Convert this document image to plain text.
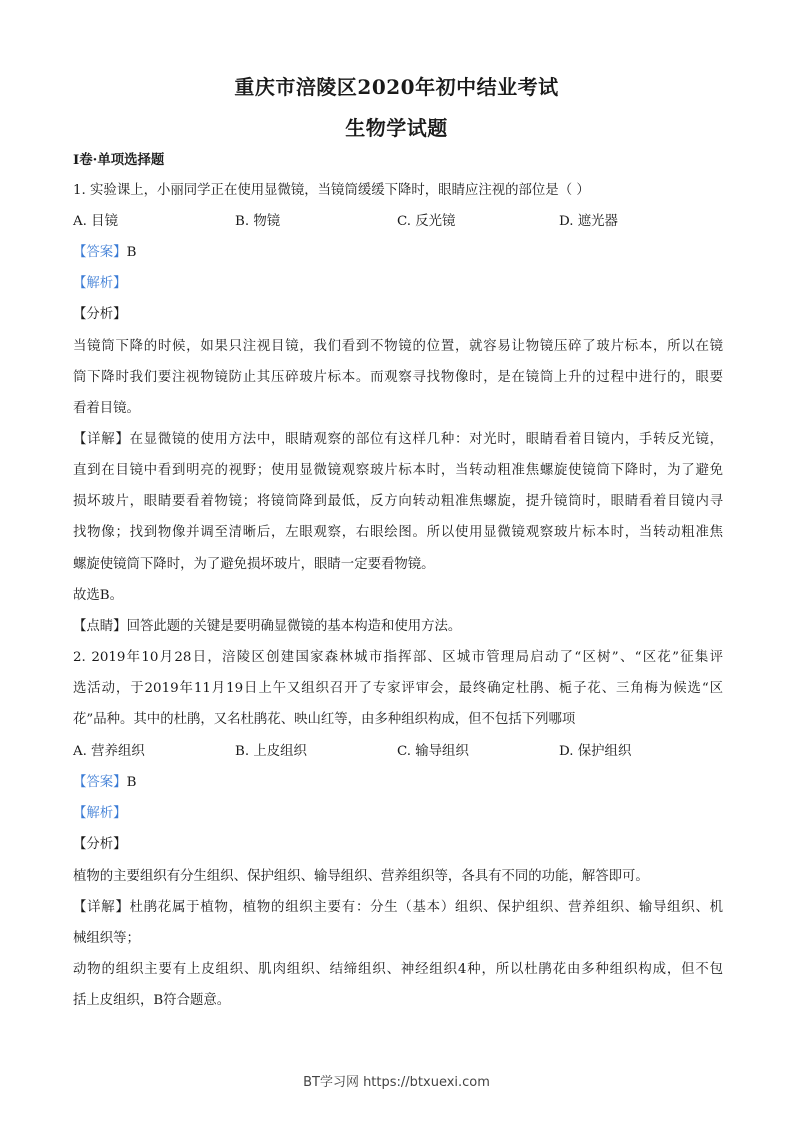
重庆市涪陵区2020年初中结业考试
生物学试题
Ⅰ卷·单项选择题
1. 实验课上，小丽同学正在使用显微镜，当镜筒缓缓下降时，眼睛应注视的部位是（ ）
A. 目镜	B. 物镜	C. 反光镜	D. 遮光器
【答案】B
【解析】
【分析】
当镜筒下降的时候，如果只注视目镜，我们看到不物镜的位置，就容易让物镜压碎了玻片标本，所以在镜
筒下降时我们要注视物镜防止其压碎玻片标本。而观察寻找物像时，是在镜筒上升的过程中进行的，眼要
看着目镜。
【详解】在显微镜的使用方法中，眼睛观察的部位有这样几种：对光时，眼睛看着目镜内，手转反光镜，
直到在目镜中看到明亮的视野；使用显微镜观察玻片标本时，当转动粗准焦螺旋使镜筒下降时，为了避免
损坏玻片，眼睛要看着物镜；将镜筒降到最低，反方向转动粗准焦螺旋，提升镜筒时，眼睛看着目镜内寻
找物像；找到物像并调至清晰后，左眼观察，右眼绘图。所以使用显微镜观察玻片标本时，当转动粗准焦
螺旋使镜筒下降时，为了避免损坏玻片，眼睛一定要看物镜。
故选B。
【点睛】回答此题的关键是要明确显微镜的基本构造和使用方法。
2. 2019年10月28日，涪陵区创建国家森林城市指挥部、区城市管理局启动了“区树”、“区花”征集评
选活动，于2019年11月19日上午又组织召开了专家评审会，最终确定杜鹃、栀子花、三角梅为候选“区
花”品种。其中的杜鹃，又名杜鹃花、映山红等，由多种组织构成，但不包括下列哪项
A. 营养组织	B. 上皮组织	C. 输导组织	D. 保护组织
【答案】B
【解析】
【分析】
植物的主要组织有分生组织、保护组织、输导组织、营养组织等，各具有不同的功能，解答即可。
【详解】杜鹃花属于植物，植物的组织主要有：分生（基本）组织、保护组织、营养组织、输导组织、机
械组织等；
动物的组织主要有上皮组织、肌肉组织、结缔组织、神经组织4种，所以杜鹃花由多种组织构成，但不包
括上皮组织，B符合题意。
BT学习网 https://btxuexi.com
